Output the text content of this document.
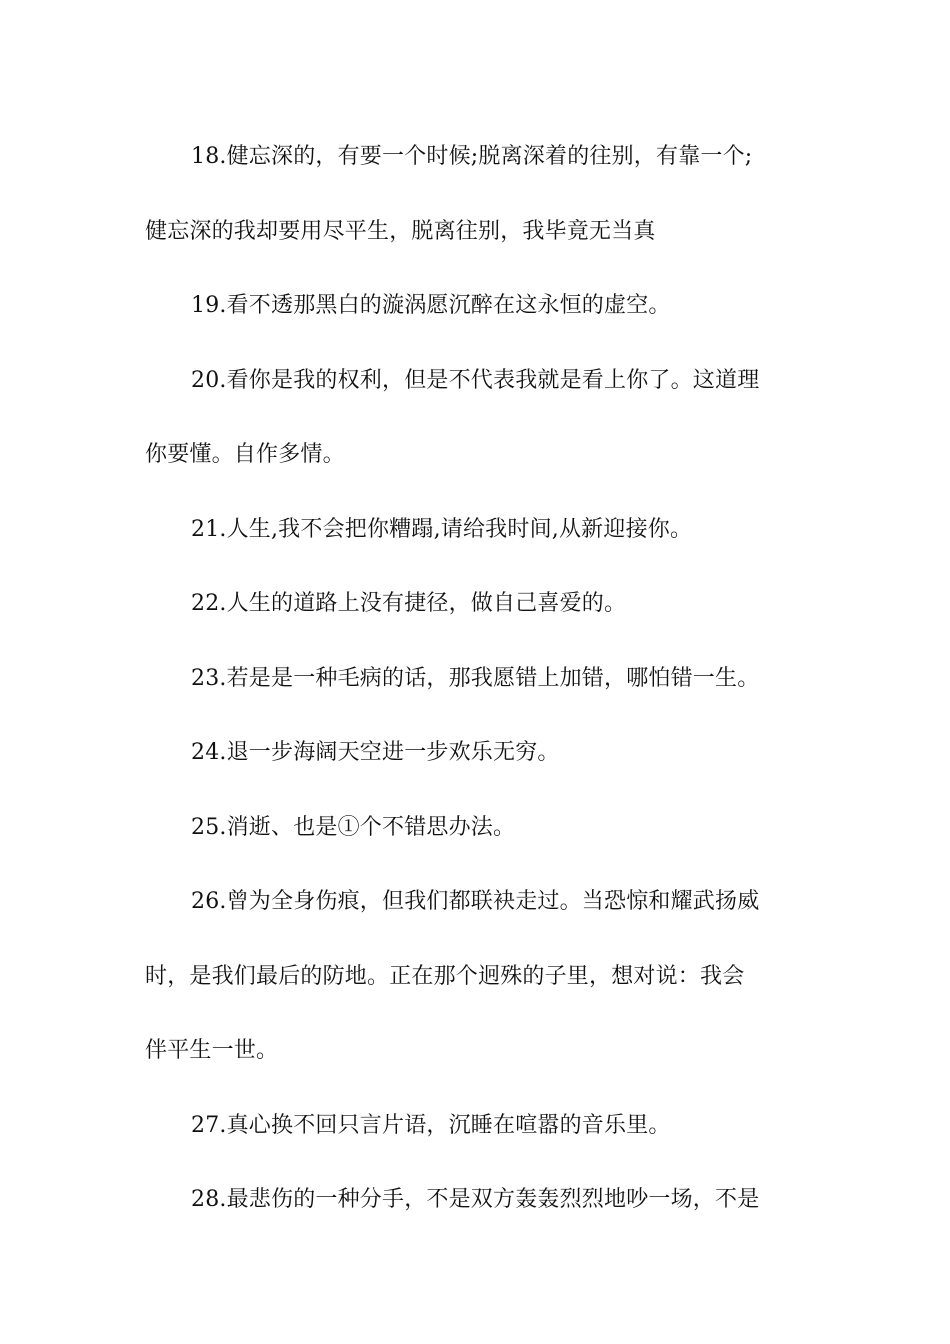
18.健忘深的，有要一个时候;脱离深着的往别，有靠一个;
健忘深的我却要用尽平生，脱离往别，我毕竟无当真

19.看不透那黑白的漩涡愿沉醉在这永恒的虚空。

20.看你是我的权利，但是不代表我就是看上你了。这道理
你要懂。自作多情。

21.人生,我不会把你糟蹋,请给我时间,从新迎接你。

22.人生的道路上没有捷径，做自己喜爱的。

23.若是是一种毛病的话，那我愿错上加错，哪怕错一生。

24.退一步海阔天空进一步欢乐无穷。

25.消逝、也是①个不错思办法。

26.曾为全身伤痕，但我们都联袂走过。当恐惊和耀武扬威
时，是我们最后的防地。正在那个迥殊的子里，想对说：我会
伴平生一世。

27.真心换不回只言片语，沉睡在喧嚣的音乐里。

28.最悲伤的一种分手，不是双方轰轰烈烈地吵一场，不是
